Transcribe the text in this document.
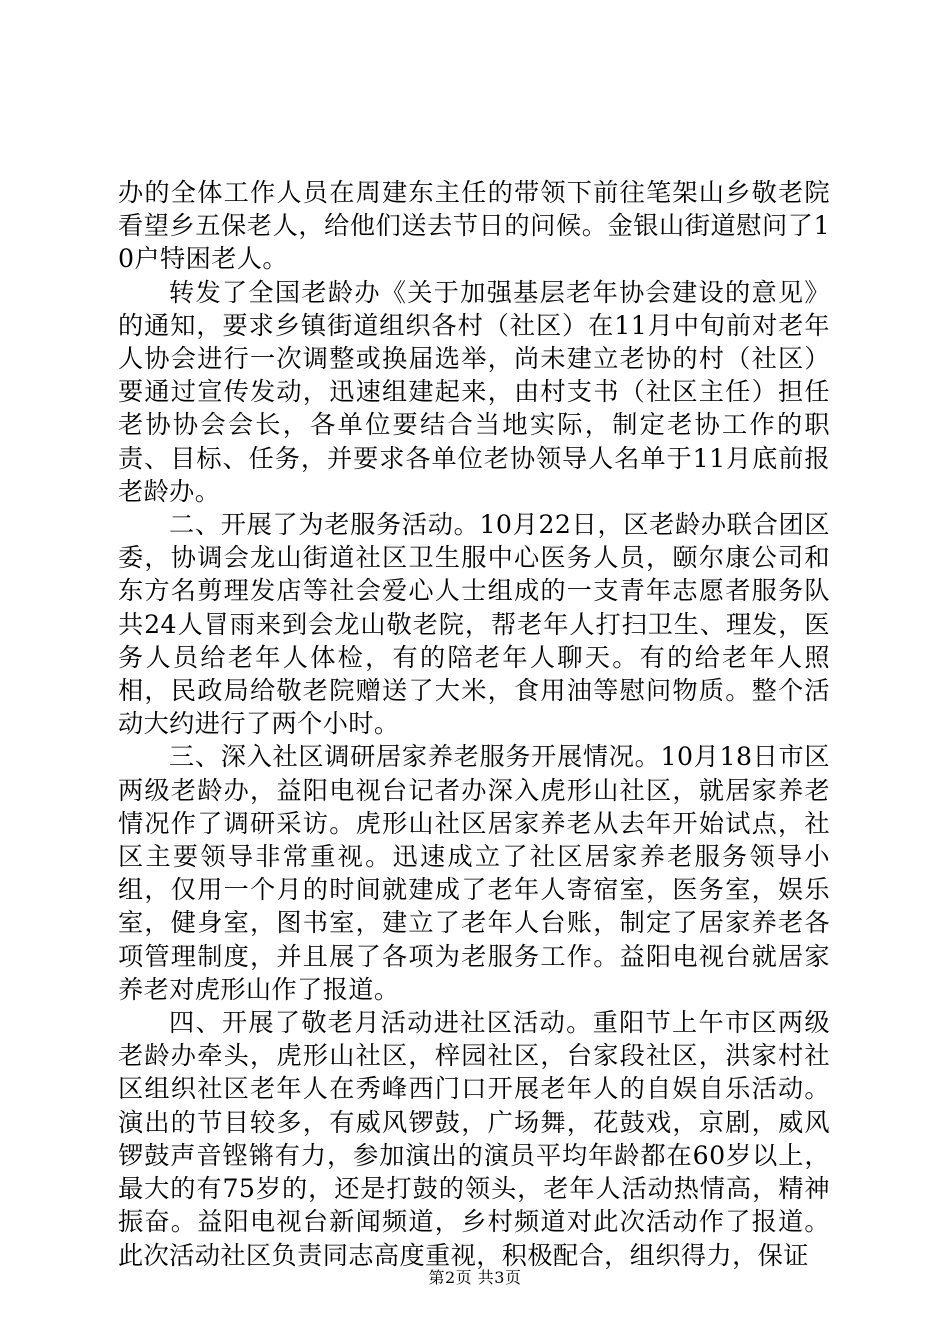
办的全体工作人员在周建东主任的带领下前往笔架山乡敬老院看望乡五保老人，给他们送去节日的问候。金银山街道慰问了10户特困老人。

转发了全国老龄办《关于加强基层老年协会建设的意见》的通知，要求乡镇街道组织各村（社区）在11月中旬前对老年人协会进行一次调整或换届选举，尚未建立老协的村（社区）要通过宣传发动，迅速组建起来，由村支书（社区主任）担任老协协会会长，各单位要结合当地实际，制定老协工作的职责、目标、任务，并要求各单位老协领导人名单于11月底前报老龄办。

二、开展了为老服务活动。10月22日，区老龄办联合团区委，协调会龙山街道社区卫生服中心医务人员，颐尔康公司和东方名剪理发店等社会爱心人士组成的一支青年志愿者服务队共24人冒雨来到会龙山敬老院，帮老年人打扫卫生、理发，医务人员给老年人体检，有的陪老年人聊天。有的给老年人照相，民政局给敬老院赠送了大米，食用油等慰问物质。整个活动大约进行了两个小时。

三、深入社区调研居家养老服务开展情况。10月18日市区两级老龄办，益阳电视台记者办深入虎形山社区，就居家养老情况作了调研采访。虎形山社区居家养老从去年开始试点，社区主要领导非常重视。迅速成立了社区居家养老服务领导小组，仅用一个月的时间就建成了老年人寄宿室，医务室，娱乐室，健身室，图书室，建立了老年人台账，制定了居家养老各项管理制度，并且展了各项为老服务工作。益阳电视台就居家养老对虎形山作了报道。

四、开展了敬老月活动进社区活动。重阳节上午市区两级老龄办牵头，虎形山社区，梓园社区，台家段社区，洪家村社区组织社区老年人在秀峰西门口开展老年人的自娱自乐活动。演出的节目较多，有威风锣鼓，广场舞，花鼓戏，京剧，威风锣鼓声音铿锵有力，参加演出的演员平均年龄都在60岁以上，最大的有75岁的，还是打鼓的领头，老年人活动热情高，精神振奋。益阳电视台新闻频道，乡村频道对此次活动作了报道。此次活动社区负责同志高度重视，积极配合，组织得力，保证

第2页 共3页
